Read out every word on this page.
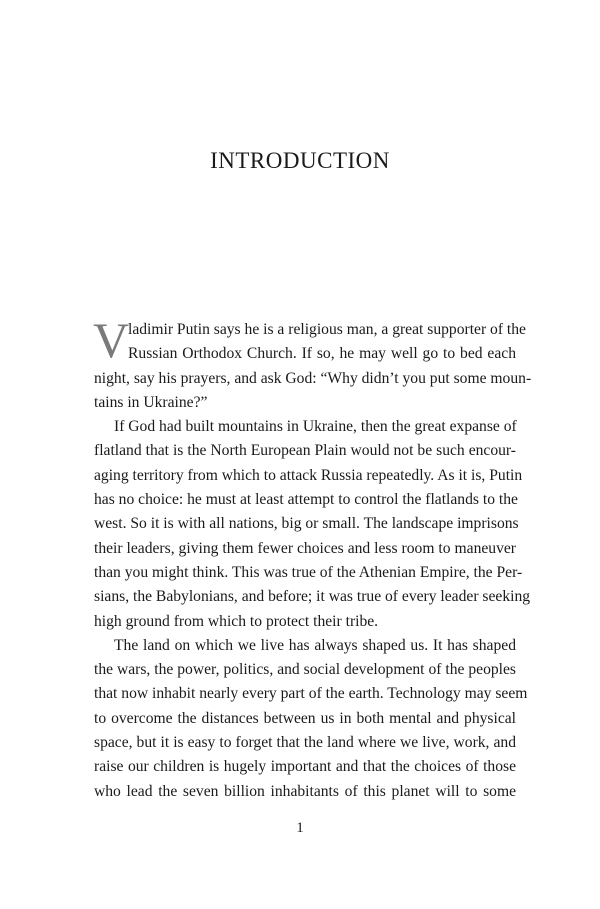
INTRODUCTION
V
ladimir Putin says he is a religious man, a great supporter of the
Russian Orthodox Church. If so, he may well go to bed each
night, say his prayers, and ask God: “Why didn’t you put some moun-
tains in Ukraine?”
If God had built mountains in Ukraine, then the great expanse of
flatland that is the North European Plain would not be such encour-
aging territory from which to attack Russia repeatedly. As it is, Putin
has no choice: he must at least attempt to control the flatlands to the
west. So it is with all nations, big or small. The landscape imprisons
their leaders, giving them fewer choices and less room to maneuver
than you might think. This was true of the Athenian Empire, the Per-
sians, the Babylonians, and before; it was true of every leader seeking
high ground from which to protect their tribe.
The land on which we live has always shaped us. It has shaped
the wars, the power, politics, and social development of the peoples
that now inhabit nearly every part of the earth. Technology may seem
to overcome the distances between us in both mental and physical
space, but it is easy to forget that the land where we live, work, and
raise our children is hugely important and that the choices of those
who lead the seven billion inhabitants of this planet will to some
1
